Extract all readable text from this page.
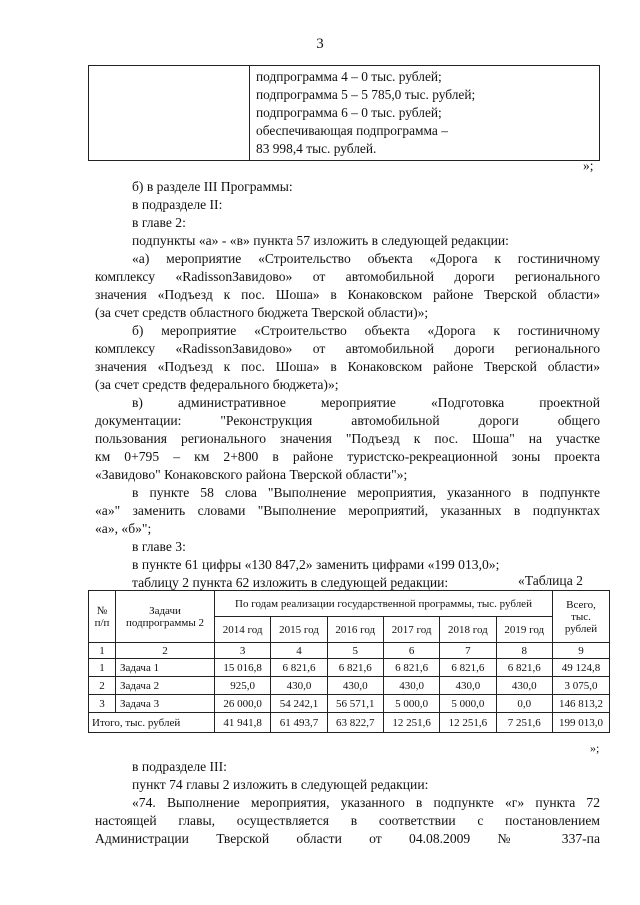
3

подпрограмма 4 – 0 тыс. рублей;
подпрограмма 5 – 5 785,0 тыс. рублей;
подпрограмма 6 – 0 тыс. рублей;
обеспечивающая подпрограмма –
83 998,4 тыс. рублей.
»;
б) в разделе III Программы:
в подразделе II:
в главе 2:
подпункты «а» - «в» пункта 57 изложить в следующей редакции:
«а) мероприятие «Строительство объекта «Дорога к гостиничному
комплексу «RadissonЗавидово» от автомобильной дороги регионального
значения «Подъезд к пос. Шоша» в Конаковском районе Тверской области»
(за счет средств областного бюджета Тверской области)»;
б) мероприятие «Строительство объекта «Дорога к гостиничному
комплексу «RadissonЗавидово» от автомобильной дороги регионального
значения «Подъезд к пос. Шоша» в Конаковском районе Тверской области»
(за счет средств федерального бюджета)»;
в) административное мероприятие «Подготовка проектной
документации: "Реконструкция автомобильной дороги общего
пользования регионального значения "Подъезд к пос. Шоша" на участке
км 0+795 – км 2+800 в районе туристско-рекреационной зоны проекта
«Завидово" Конаковского района Тверской области"»;
в пункте 58 слова "Выполнение мероприятия, указанного в подпункте
«а»" заменить словами "Выполнение мероприятий, указанных в подпунктах
«а», «б»";
в главе 3:
в пункте 61 цифры «130 847,2» заменить цифрами «199 013,0»;
таблицу 2 пункта 62 изложить в следующей редакции:	«Таблица 2
№ п/п	Задачи подпрограммы 2	По годам реализации государственной программы, тыс. рублей						Всего, тыс. рублей
		2014 год	2015 год	2016 год	2017 год	2018 год	2019 год	
1	2	3	4	5	6	7	8	9
1	Задача 1	15 016,8	6 821,6	6 821,6	6 821,6	6 821,6	6 821,6	49 124,8
2	Задача 2	925,0	430,0	430,0	430,0	430,0	430,0	3 075,0
3	Задача 3	26 000,0	54 242,1	56 571,1	5 000,0	5 000,0	0,0	146 813,2
Итого, тыс. рублей		41 941,8	61 493,7	63 822,7	12 251,6	12 251,6	7 251,6	199 013,0
»;
в подразделе III:
пункт 74 главы 2 изложить в следующей редакции:
«74. Выполнение мероприятия, указанного в подпункте «г» пункта 72
настоящей главы, осуществляется в соответствии с постановлением
Администрации Тверской области от 04.08.2009 № 337-па
